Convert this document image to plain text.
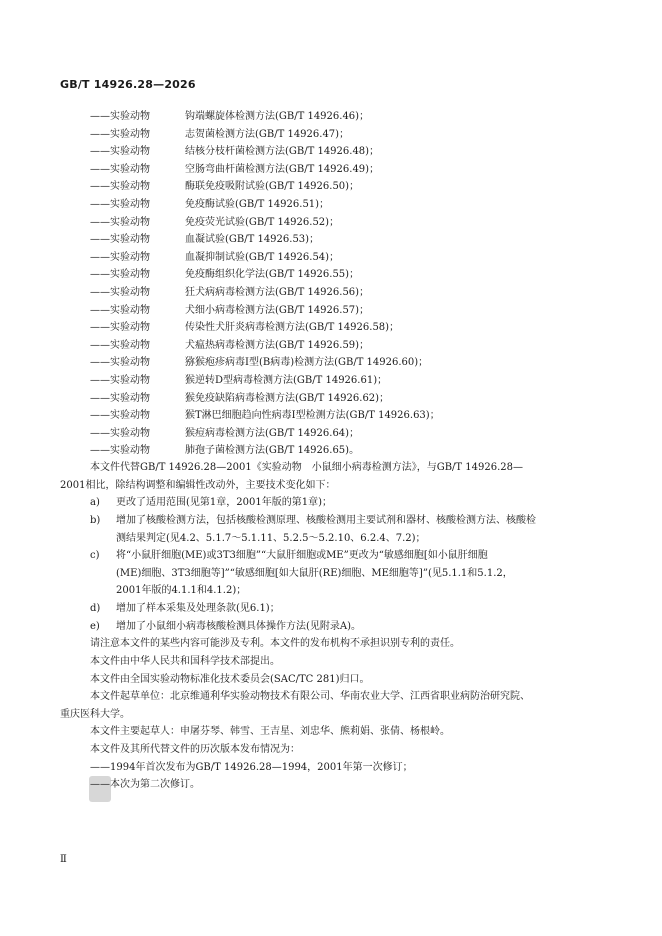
GB/T 14926.28—2026
——实验动物	钩端螺旋体检测方法(GB/T 14926.46)；
——实验动物	志贺菌检测方法(GB/T 14926.47)；
——实验动物	结核分枝杆菌检测方法(GB/T 14926.48)；
——实验动物	空肠弯曲杆菌检测方法(GB/T 14926.49)；
——实验动物	酶联免疫吸附试验(GB/T 14926.50)；
——实验动物	免疫酶试验(GB/T 14926.51)；
——实验动物	免疫荧光试验(GB/T 14926.52)；
——实验动物	血凝试验(GB/T 14926.53)；
——实验动物	血凝抑制试验(GB/T 14926.54)；
——实验动物	免疫酶组织化学法(GB/T 14926.55)；
——实验动物	狂犬病病毒检测方法(GB/T 14926.56)；
——实验动物	犬细小病毒检测方法(GB/T 14926.57)；
——实验动物	传染性犬肝炎病毒检测方法(GB/T 14926.58)；
——实验动物	犬瘟热病毒检测方法(GB/T 14926.59)；
——实验动物	猕猴疱疹病毒Ⅰ型(B病毒)检测方法(GB/T 14926.60)；
——实验动物	猴逆转D型病毒检测方法(GB/T 14926.61)；
——实验动物	猴免疫缺陷病毒检测方法(GB/T 14926.62)；
——实验动物	猴T淋巴细胞趋向性病毒Ⅰ型检测方法(GB/T 14926.63)；
——实验动物	猴痘病毒检测方法(GB/T 14926.64)；
——实验动物	肺孢子菌检测方法(GB/T 14926.65)。
本文件代替GB/T 14926.28—2001《实验动物　小鼠细小病毒检测方法》，与GB/T 14926.28—
2001相比，除结构调整和编辑性改动外，主要技术变化如下：
a) 更改了适用范围(见第1章，2001年版的第1章)；
b) 增加了核酸检测方法，包括核酸检测原理、核酸检测用主要试剂和器材、核酸检测方法、核酸检
测结果判定(见4.2、5.1.7～5.1.11、5.2.5～5.2.10、6.2.4、7.2)；
c) 将“小鼠肝细胞(ME)或3T3细胞”“大鼠肝细胞或ME”更改为“敏感细胞[如小鼠肝细胞
(ME)细胞、3T3细胞等]”“敏感细胞[如大鼠肝(RE)细胞、ME细胞等]”(见5.1.1和5.1.2，
2001年版的4.1.1和4.1.2)；
d) 增加了样本采集及处理条款(见6.1)；
e) 增加了小鼠细小病毒核酸检测具体操作方法(见附录A)。
请注意本文件的某些内容可能涉及专利。本文件的发布机构不承担识别专利的责任。
本文件由中华人民共和国科学技术部提出。
本文件由全国实验动物标准化技术委员会(SAC/TC 281)归口。
本文件起草单位：北京维通利华实验动物技术有限公司、华南农业大学、江西省职业病防治研究院、
重庆医科大学。
本文件主要起草人：申屠芬琴、韩雪、王吉星、刘忠华、熊莉娟、张倩、杨根岭。
本文件及其所代替文件的历次版本发布情况为：
——1994年首次发布为GB/T 14926.28—1994，2001年第一次修订；
——本次为第二次修订。
Ⅱ
